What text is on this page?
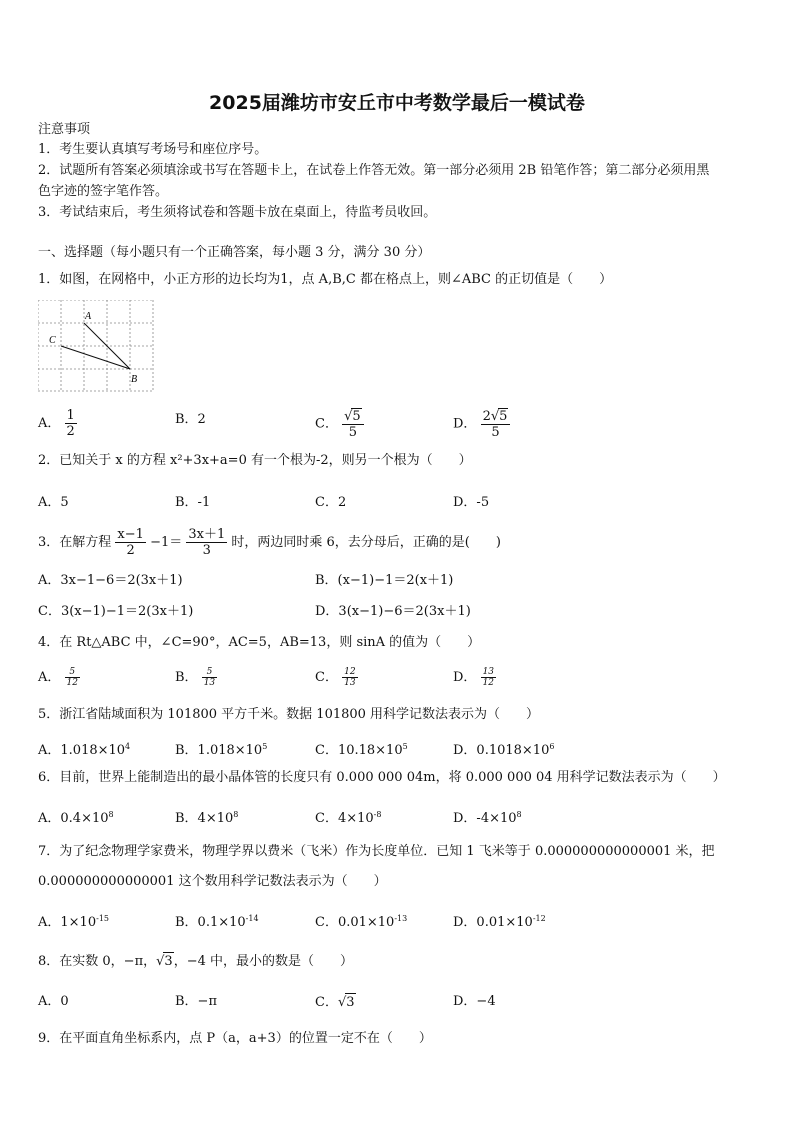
2025届潍坊市安丘市中考数学最后一模试卷
注意事项
1．考生要认真填写考场号和座位序号。
2．试题所有答案必须填涂或书写在答题卡上，在试卷上作答无效。第一部分必须用 2B 铅笔作答；第二部分必须用黑
色字迹的签字笔作答。
3．考试结束后，考生须将试卷和答题卡放在桌面上，待监考员收回。
一、选择题（每小题只有一个正确答案，每小题 3 分，满分 30 分）
1．如图，在网格中，小正方形的边长均为1，点 A,B,C 都在格点上，则∠ABC 的正切值是（　　）
A
C
B
A． $\frac{1}{2}$	B．2	C． $\frac{√5}{5}$	D． $\frac{2√5}{5}$
2．已知关于 x 的方程 x²+3x+a=0 有一个根为-2，则另一个根为（　　）
A．5	B．-1	C．2	D．-5
3．在解方程 $\frac{x-1}{2} -1= \frac{3x+1}{3}$ 时，两边同时乘 6，去分母后，正确的是(　　)
A．3x−1−6＝2(3x＋1)	B．(x−1)−1＝2(x＋1)
C．3(x−1)−1＝2(3x＋1)	D．3(x−1)−6＝2(3x＋1)
4．在 Rt△ABC 中，∠C=90°，AC=5，AB=13，则 sinA 的值为（　　）
A． $\frac{5}{12}$	B． $\frac{5}{13}$	C． $\frac{12}{13}$	D． $\frac{13}{12}$
5．浙江省陆域面积为 101800 平方千米。数据 101800 用科学记数法表示为（　　）
A．$1.018\times 10^4$	B．$1.018\times 10^5$	C．$10.18\times 10^5$	D．$0.1018\times 10^6$
6．目前，世界上能制造出的最小晶体管的长度只有 0.000 000 04m，将 0.000 000 04 用科学记数法表示为（　　）
A．$0.4\times 10^8$	B．$4\times 10^8$	C．$4\times 10^{-8}$	D．$-4\times 10^8$
7．为了纪念物理学家费米，物理学界以费米（飞米）作为长度单位．已知 1 飞米等于 0.000000000000001 米，把
0.000000000000001 这个数用科学记数法表示为（　　）
A．$1\times 10^{-15}$	B．$0.1\times 10^{-14}$	C．$0.01\times 10^{-13}$	D．$0.01\times 10^{-12}$
8．在实数 0，−π，√3，−4 中，最小的数是（　　）
A．0	B．−π	C．√3	D．−4
9．在平面直角坐标系内，点 P（a，a+3）的位置一定不在（　　）
